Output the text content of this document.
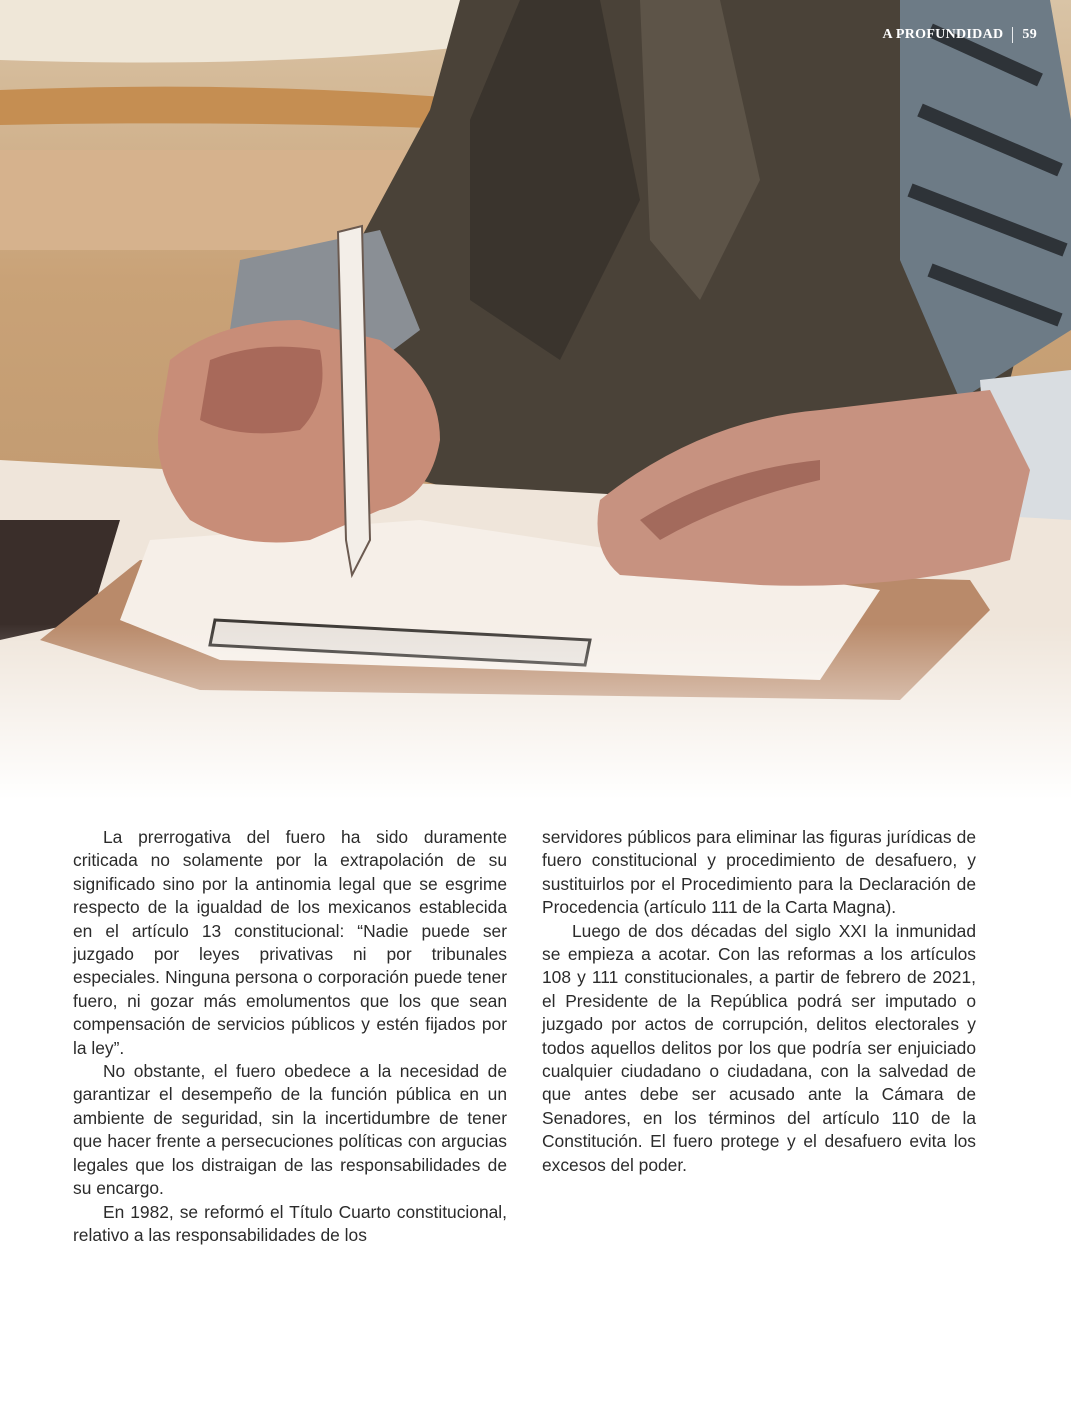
A PROFUNDIDAD 59

La prerrogativa del fuero ha sido duramente criticada no solamente por la extrapolación de su significado sino por la antinomia legal que se esgrime respecto de la igualdad de los mexicanos establecida en el artículo 13 constitucional: “Nadie puede ser juzgado por leyes privativas ni por tribunales especiales. Ninguna persona o corporación puede tener fuero, ni gozar más emolumentos que los que sean compensación de servicios públicos y estén fijados por la ley”.

No obstante, el fuero obedece a la necesidad de garantizar el desempeño de la función pública en un ambiente de seguridad, sin la incertidumbre de tener que hacer frente a persecuciones políticas con argucias legales que los distraigan de las responsabilidades de su encargo.

En 1982, se reformó el Título Cuarto constitucional, relativo a las responsabilidades de los

servidores públicos para eliminar las figuras jurídicas de fuero constitucional y procedimiento de desafuero, y sustituirlos por el Procedimiento para la Declaración de Procedencia (artículo 111 de la Carta Magna).

Luego de dos décadas del siglo XXI la inmunidad se empieza a acotar. Con las reformas a los artículos 108 y 111 constitucionales, a partir de febrero de 2021, el Presidente de la República podrá ser imputado o juzgado por actos de corrupción, delitos electorales y todos aquellos delitos por los que podría ser enjuiciado cualquier ciudadano o ciudadana, con la salvedad de que antes debe ser acusado ante la Cámara de Senadores, en los términos del artículo 110 de la Constitución. El fuero protege y el desafuero evita los excesos del poder.
